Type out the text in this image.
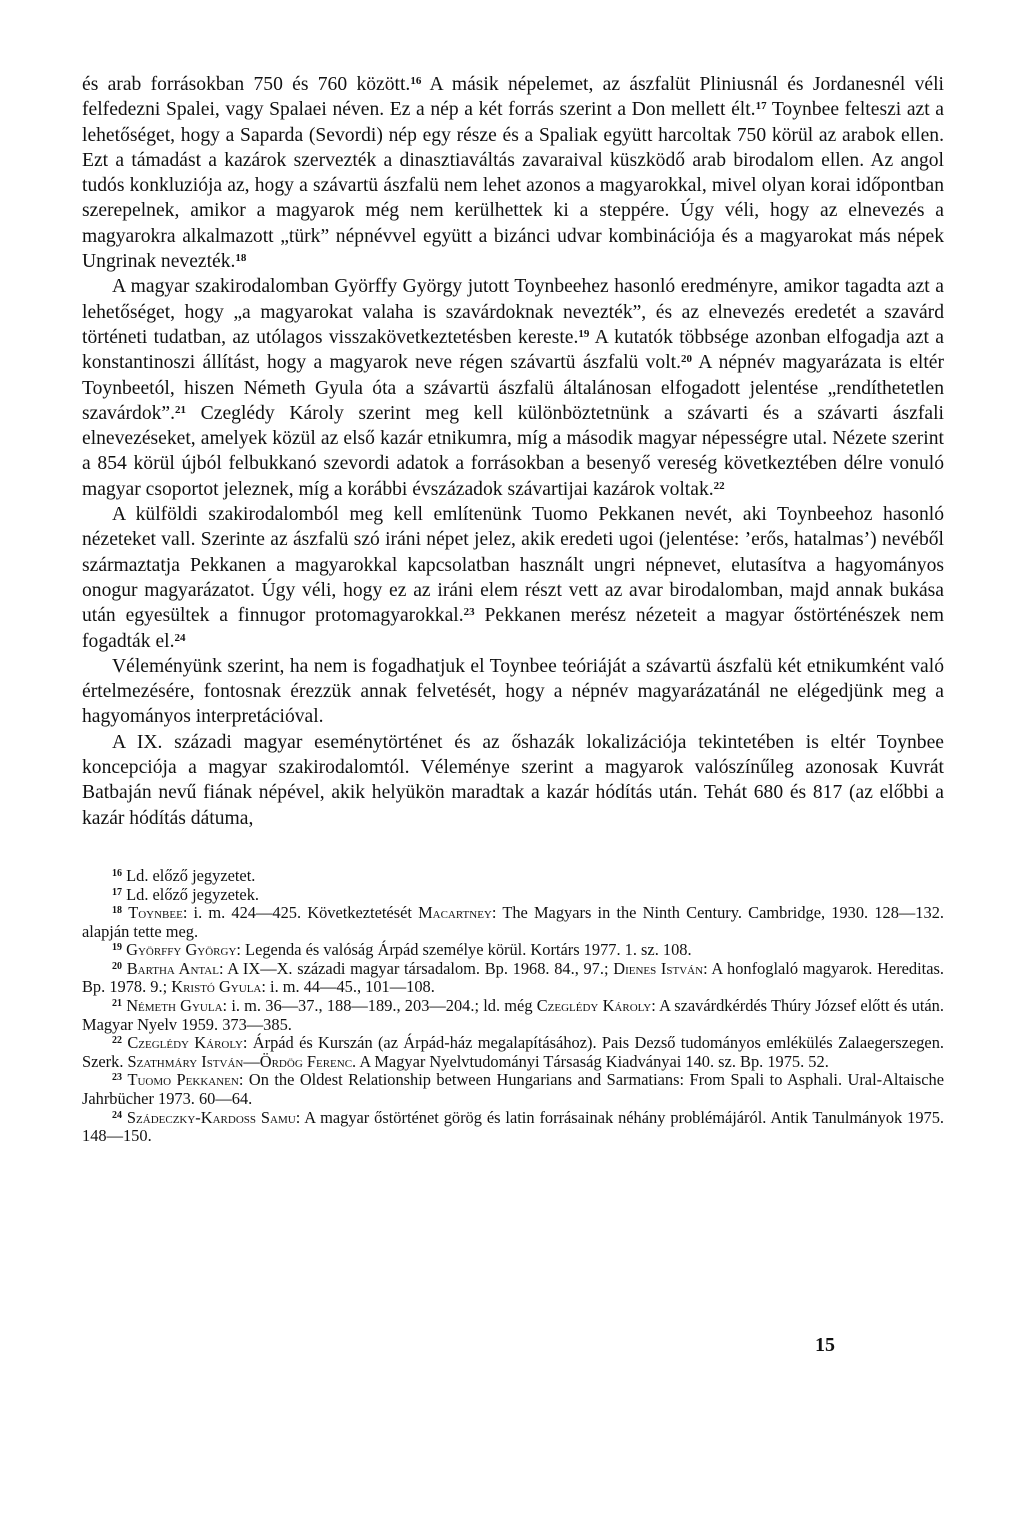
és arab forrásokban 750 és 760 között.$^{16}$ A másik népelemet, az ászfalüt Pliniusnál és Jordanesnél véli felfedezni Spalei, vagy Spalaei néven. Ez a nép a két forrás szerint a Don mellett élt.$^{17}$ Toynbee felteszi azt a lehetőséget, hogy a Saparda (Sevordi) nép egy része és a Spaliak együtt harcoltak 750 körül az arabok ellen. Ezt a támadást a kazárok szervezték a dinasztiaváltás zavaraival küszködő arab birodalom ellen. Az angol tudós konkluziója az, hogy a szávartü ászfalü nem lehet azonos a magyarokkal, mivel olyan korai időpontban szerepelnek, amikor a magyarok még nem kerülhettek ki a steppére. Úgy véli, hogy az elnevezés a magyarokra alkalmazott „türk” népnévvel együtt a bizánci udvar kombinációja és a magyarokat más népek Ungrinak nevezték.$^{18}$

A magyar szakirodalomban Györffy György jutott Toynbeehez hasonló eredményre, amikor tagadta azt a lehetőséget, hogy „a magyarokat valaha is szavárdoknak nevezték”, és az elnevezés eredetét a szavárd történeti tudatban, az utólagos visszakövetkeztetésben kereste.$^{19}$ A kutatók többsége azonban elfogadja azt a konstantinoszi állítást, hogy a magyarok neve régen szávartü ászfalü volt.$^{20}$ A népnév magyarázata is eltér Toynbeetól, hiszen Németh Gyula óta a szávartü ászfalü általánosan elfogadott jelentése „rendíthetetlen szavárdok”.$^{21}$ Czeglédy Károly szerint meg kell különböztetnünk a szávarti és a szávarti ászfali elnevezéseket, amelyek közül az első kazár etnikumra, míg a második magyar népességre utal. Nézete szerint a 854 körül újból felbukkanó szevordi adatok a forrásokban a besenyő vereség következtében délre vonuló magyar csoportot jeleznek, míg a korábbi évszázadok szávartijai kazárok voltak.$^{22}$

A külföldi szakirodalomból meg kell említenünk Tuomo Pekkanen nevét, aki Toynbeehoz hasonló nézeteket vall. Szerinte az ászfalü szó iráni népet jelez, akik eredeti ugoi (jelentése: ’erős, hatalmas’) nevéből származtatja Pekkanen a magyarokkal kapcsolatban használt ungri népnevet, elutasítva a hagyományos onogur magyarázatot. Úgy véli, hogy ez az iráni elem részt vett az avar birodalomban, majd annak bukása után egyesültek a finnugor protomagyarokkal.$^{23}$ Pekkanen merész nézeteit a magyar őstörténészek nem fogadták el.$^{24}$

Véleményünk szerint, ha nem is fogadhatjuk el Toynbee teóriáját a szávartü ászfalü két etnikumként való értelmezésére, fontosnak érezzük annak felvetését, hogy a népnév magyarázatánál ne elégedjünk meg a hagyományos interpretációval.

A IX. századi magyar eseménytörténet és az őshazák lokalizációja tekintetében is eltér Toynbee koncepciója a magyar szakirodalomtól. Véleménye szerint a magyarok valószínűleg azonosak Kuvrát Batbaján nevű fiának népével, akik helyükön maradtak a kazár hódítás után. Tehát 680 és 817 (az előbbi a kazár hódítás dátuma,

$^{16}$ Ld. előző jegyzetet.

$^{17}$ Ld. előző jegyzetek.

$^{18}$ Toynbee: i. m. 424—425. Következtetését Macartney: The Magyars in the Ninth Century. Cambridge, 1930. 128—132. alapján tette meg.

$^{19}$ Györffy György: Legenda és valóság Árpád személye körül. Kortárs 1977. 1. sz. 108.

$^{20}$ Bartha Antal: A IX—X. századi magyar társadalom. Bp. 1968. 84., 97.; Dienes István: A honfoglaló magyarok. Hereditas. Bp. 1978. 9.; Kristó Gyula: i. m. 44—45., 101—108.

$^{21}$ Németh Gyula: i. m. 36—37., 188—189., 203—204.; ld. még Czeglédy Károly: A szavárdkérdés Thúry József előtt és után. Magyar Nyelv 1959. 373—385.

$^{22}$ Czeglédy Károly: Árpád és Kurszán (az Árpád-ház megalapításához). Pais Dezső tudományos emlékülés Zalaegerszegen. Szerk. Szathmáry István—Ördög Ferenc. A Magyar Nyelvtudományi Társaság Kiadványai 140. sz. Bp. 1975. 52.

$^{23}$ Tuomo Pekkanen: On the Oldest Relationship between Hungarians and Sarmatians: From Spali to Asphali. Ural-Altaische Jahrbücher 1973. 60—64.

$^{24}$ Szádeczky-Kardoss Samu: A magyar őstörténet görög és latin forrásainak néhány problémájáról. Antik Tanulmányok 1975. 148—150.

15
